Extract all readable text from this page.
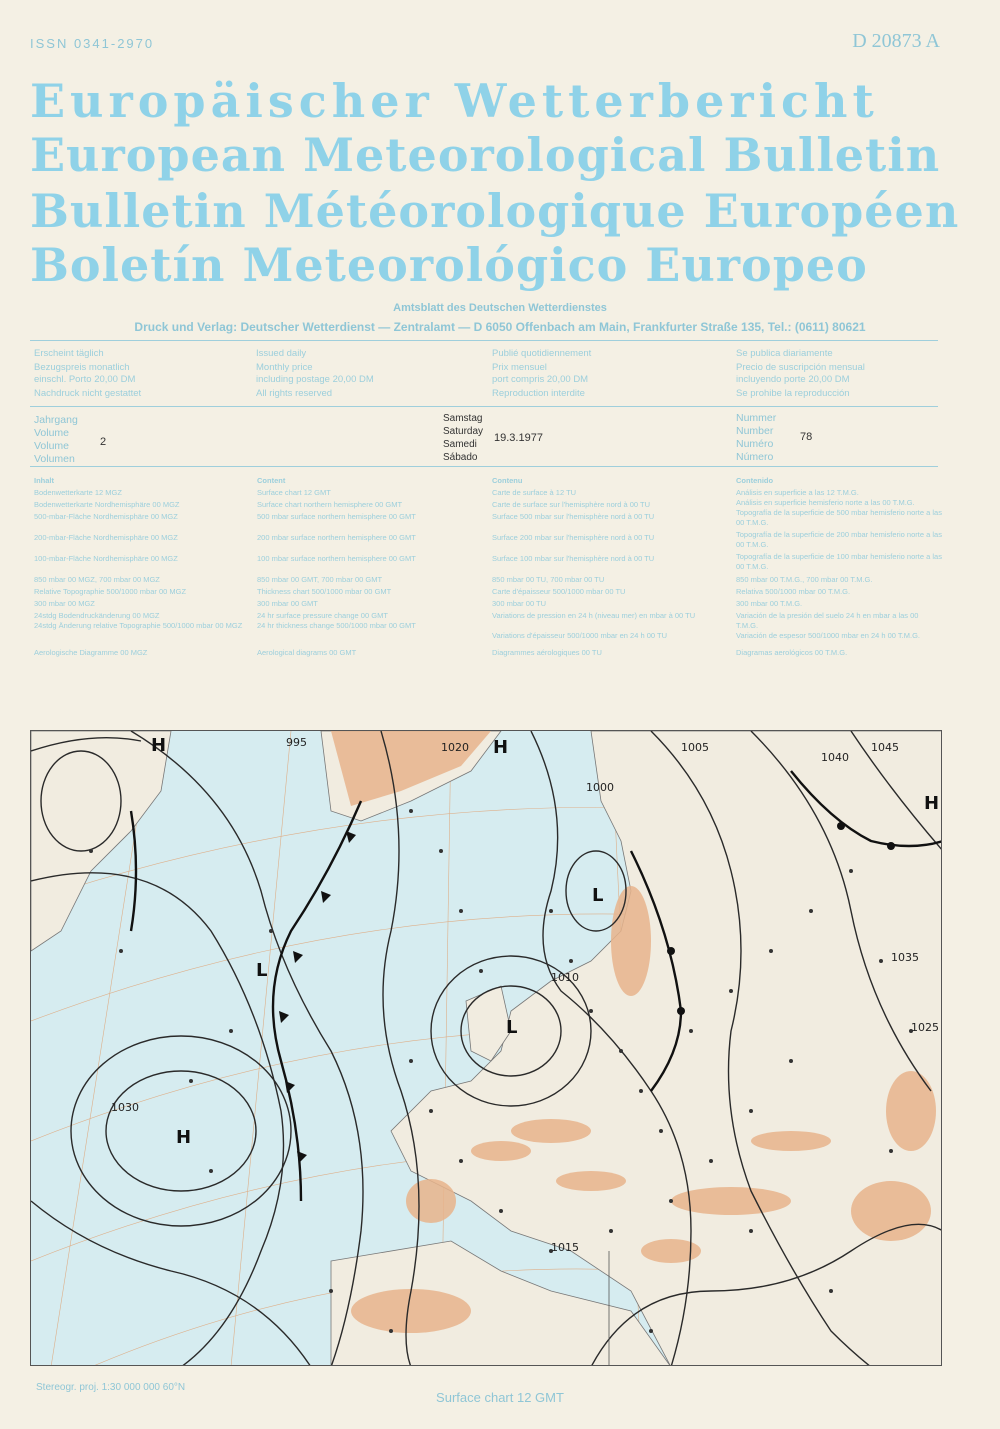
ISSN 0341-2970	D 20873 A
Europäischer Wetterbericht
European Meteorological Bulletin
Bulletin Météorologique Européen
Boletín Meteorológico Europeo
Amtsblatt des Deutschen Wetterdienstes
Druck und Verlag: Deutscher Wetterdienst — Zentralamt — D 6050 Offenbach am Main, Frankfurter Straße 135, Tel.: (0611) 80621

Erscheint täglich

Bezugspreis monatlich

einschl. Porto 20,00 DM

Nachdruck nicht gestattet

Issued daily

Monthly price

including postage 20,00 DM

All rights reserved

Publié quotidiennement

Prix mensuel

port compris 20,00 DM

Reproduction interdite

Se publica diariamente

Precio de suscripción mensual

incluyendo porte 20,00 DM

Se prohibe la reproducción

Jahrgang
Volume
Volume
Volumen
2
Samstag
Saturday
Samedi
Sábado
19.3.1977
Nummer
Number
Numéro
Número
78
Inhalt
Bodenwetterkarte 12 MGZ
Bodenwetterkarte Nordhemisphäre 00 MGZ
500-mbar-Fläche Nordhemisphäre 00 MGZ
200-mbar-Fläche Nordhemisphäre 00 MGZ
100-mbar-Fläche Nordhemisphäre 00 MGZ
850 mbar 00 MGZ, 700 mbar 00 MGZ
Relative Topographie 500/1000 mbar 00 MGZ
300 mbar 00 MGZ
24stdg Bodendruckänderung 00 MGZ
24stdg Änderung relative Topographie 500/1000 mbar 00 MGZ
Aerologische Diagramme 00 MGZ
Content
Surface chart 12 GMT
Surface chart northern hemisphere 00 GMT
500 mbar surface northern hemisphere 00 GMT
200 mbar surface northern hemisphere 00 GMT
100 mbar surface northern hemisphere 00 GMT
850 mbar 00 GMT, 700 mbar 00 GMT
Thickness chart 500/1000 mbar 00 GMT
300 mbar 00 GMT
24 hr surface pressure change 00 GMT
24 hr thickness change 500/1000 mbar 00 GMT
Aerological diagrams 00 GMT
Contenu
Carte de surface à 12 TU
Carte de surface sur l'hemisphère nord à 00 TU
Surface 500 mbar sur l'hemisphère nord à 00 TU
Surface 200 mbar sur l'hemisphère nord à 00 TU
Surface 100 mbar sur l'hemisphère nord à 00 TU
850 mbar 00 TU, 700 mbar 00 TU
Carte d'épaisseur 500/1000 mbar 00 TU
300 mbar 00 TU
Variations de pression en 24 h (niveau mer) en mbar à 00 TU
Variations d'épaisseur 500/1000 mbar en 24 h 00 TU
Diagrammes aérologiques 00 TU
Contenido
Análisis en superficie a las 12 T.M.G.
Análisis en superficie hemisferio norte a las 00 T.M.G.
Topografía de la superficie de 500 mbar hemisferio norte a las 00 T.M.G.
Topografía de la superficie de 200 mbar hemisferio norte a las 00 T.M.G.
Topografía de la superficie de 100 mbar hemisferio norte a las 00 T.M.G.
850 mbar 00 T.M.G., 700 mbar 00 T.M.G.
Relativa 500/1000 mbar 00 T.M.G.
300 mbar 00 T.M.G.
Variación de la presión del suelo 24 h en mbar a las 00 T.M.G.
Variación de espesor 500/1000 mbar en 24 h 00 T.M.G.
Diagramas aerológicos 00 T.M.G.
1015
1020
1025
1010
1005
1000
995
1030
1035
1040
1045
H	H
H
H
L
L
L
Stereogr. proj. 1:30 000 000 60°N
Surface chart 12 GMT
